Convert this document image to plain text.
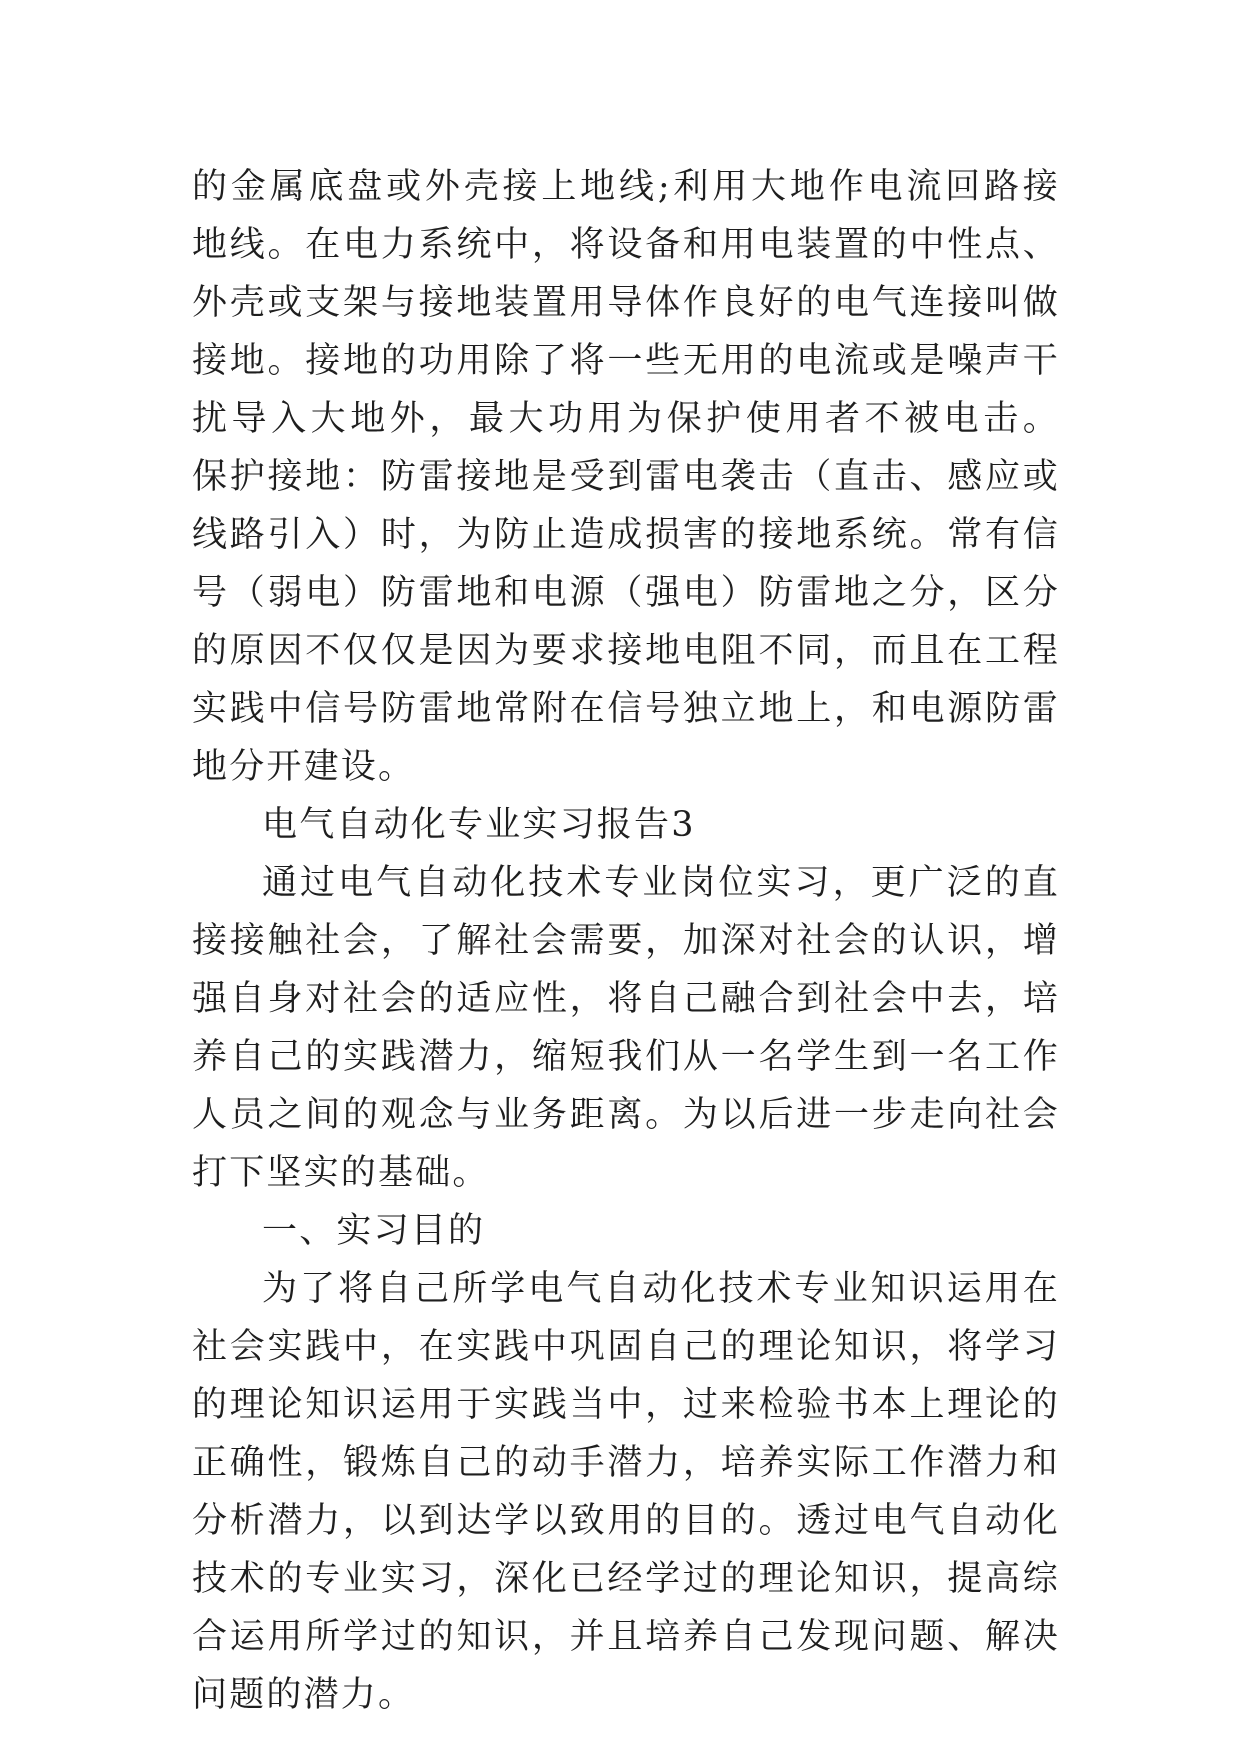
的金属底盘或外壳接上地线;利用大地作电流回路接地线。在电力系统中，将设备和用电装置的中性点、外壳或支架与接地装置用导体作良好的电气连接叫做接地。接地的功用除了将一些无用的电流或是噪声干扰导入大地外，最大功用为保护使用者不被电击。 保护接地：防雷接地是受到雷电袭击（直击、感应或线路引入）时，为防止造成损害的接地系统。常有信号（弱电）防雷地和电源（强电）防雷地之分，区分的原因不仅仅是因为要求接地电阻不同，而且在工程实践中信号防雷地常附在信号独立地上，和电源防雷地分开建设。

电气自动化专业实习报告3

通过电气自动化技术专业岗位实习，更广泛的直接接触社会，了解社会需要，加深对社会的认识，增强自身对社会的适应性，将自己融合到社会中去，培养自己的实践潜力，缩短我们从一名学生到一名工作人员之间的观念与业务距离。为以后进一步走向社会打下坚实的基础。

一、实习目的

为了将自己所学电气自动化技术专业知识运用在社会实践中，在实践中巩固自己的理论知识，将学习的理论知识运用于实践当中，过来检验书本上理论的正确性，锻炼自己的动手潜力，培养实际工作潜力和分析潜力，以到达学以致用的目的。透过电气自动化技术的专业实习，深化已经学过的理论知识，提高综合运用所学过的知识，并且培养自己发现问题、解决问题的潜力。
